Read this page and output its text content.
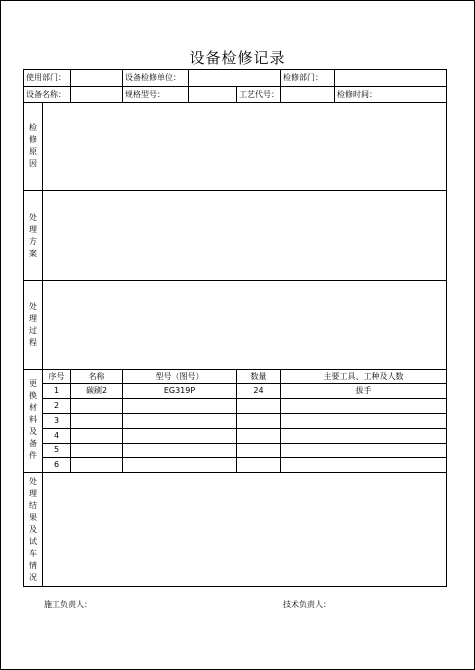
设备检修记录
使用部门：	设备检修单位：	检修部门：
设备名称：	规格型号：	工艺代号：	检修时间：
检修原因
处理方案
处理过程
更换材料及备件
处理结果及试车情况
序号	名称	型号（图号）	数量	主要工具、工种及人数
1	碳刷2	EG319P	24	拔手
2
3
4
5
6
施工负责人：	技术负责人：
